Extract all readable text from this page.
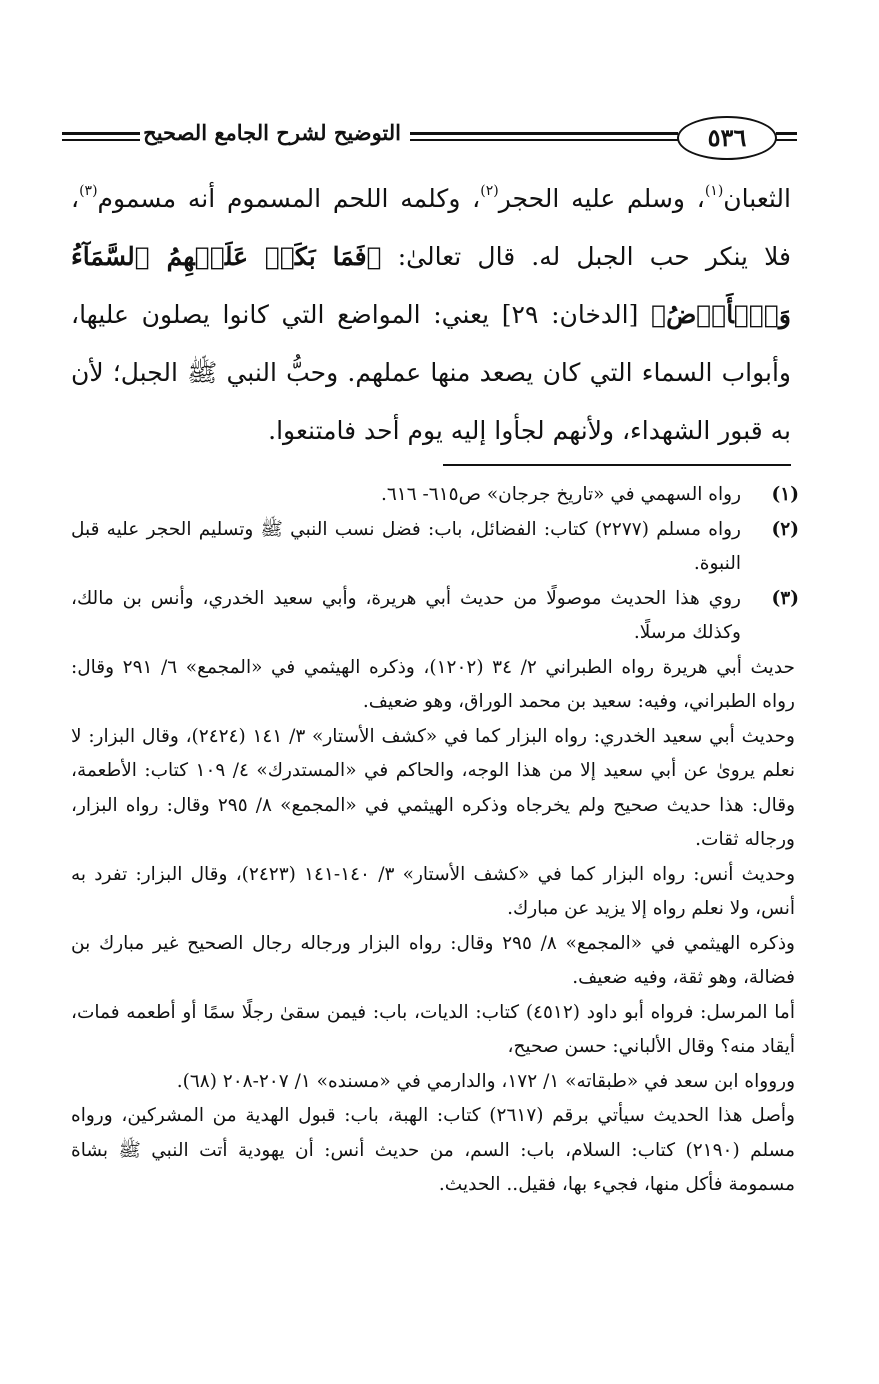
التوضيح لشرح الجامع الصحيح	٥٣٦

الثعبان$^{(١)}$، وسلم عليه الحجر$^{(٢)}$، وكلمه اللحم المسموم أنه مسموم$^{(٣)}$، فلا ينكر حب الجبل له. قال تعالىٰ: ﴿فَمَا بَكَتۡ عَلَيۡهِمُ ٱلسَّمَآءُ وَٱلۡأَرۡضُ﴾ [الدخان: ٢٩] يعني: المواضع التي كانوا يصلون عليها، وأبواب السماء التي كان يصعد منها عملهم. وحبُّ النبي ﷺ الجبل؛ لأن به قبور الشهداء، ولأنهم لجأوا إليه يوم أحد فامتنعوا.

(١)

رواه السهمي في «تاريخ جرجان» ص٦١٥- ٦١٦.

(٢)

رواه مسلم (٢٢٧٧) كتاب: الفضائل، باب: فضل نسب النبي ﷺ وتسليم الحجر عليه قبل النبوة.

(٣)

روي هذا الحديث موصولًا من حديث أبي هريرة، وأبي سعيد الخدري، وأنس بن مالك، وكذلك مرسلًا.

حديث أبي هريرة رواه الطبراني ٢/ ٣٤ (١٢٠٢)، وذكره الهيثمي في «المجمع» ٦/ ٢٩١ وقال: رواه الطبراني، وفيه: سعيد بن محمد الوراق، وهو ضعيف.

وحديث أبي سعيد الخدري: رواه البزار كما في «كشف الأستار» ٣/ ١٤١ (٢٤٢٤)، وقال البزار: لا نعلم يرویٰ عن أبي سعيد إلا من هذا الوجه، والحاكم في «المستدرك» ٤/ ١٠٩ كتاب: الأطعمة، وقال: هذا حديث صحيح ولم يخرجاه وذكره الهيثمي في «المجمع» ٨/ ٢٩٥ وقال: رواه البزار، ورجاله ثقات.

وحديث أنس: رواه البزار كما في «كشف الأستار» ٣/ ١٤٠-١٤١ (٢٤٢٣)، وقال البزار: تفرد به أنس، ولا نعلم رواه إلا يزيد عن مبارك.

وذكره الهيثمي في «المجمع» ٨/ ٢٩٥ وقال: رواه البزار ورجاله رجال الصحيح غير مبارك بن فضالة، وهو ثقة، وفيه ضعيف.

أما المرسل: فرواه أبو داود (٤٥١٢) كتاب: الديات، باب: فيمن سقىٰ رجلًا سمًا أو أطعمه فمات، أيقاد منه؟ وقال الألباني: حسن صحيح،

وروواه ابن سعد في «طبقاته» ١/ ١٧٢، والدارمي في «مسنده» ١/ ٢٠٧-٢٠٨ (٦٨).

وأصل هذا الحديث سيأتي برقم (٢٦١٧) كتاب: الهبة، باب: قبول الهدية من المشركين، ورواه مسلم (٢١٩٠) كتاب: السلام، باب: السم، من حديث أنس: أن يهودية أتت النبي ﷺ بشاة مسمومة فأكل منها، فجيء بها، فقيل.. الحديث.
